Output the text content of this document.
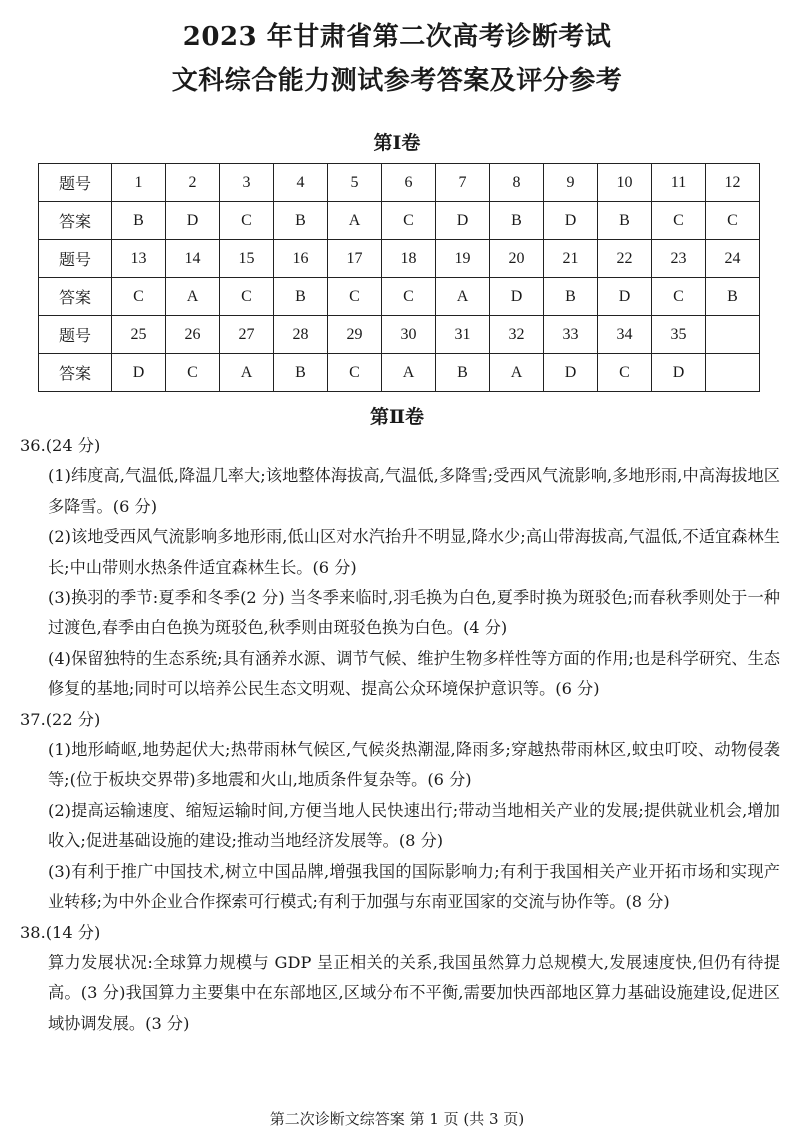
2023 年甘肃省第二次高考诊断考试
文科综合能力测试参考答案及评分参考
第Ⅰ卷
题号	1	2	3	4	5	6	7	8	9	10	11	12
答案	B	D	C	B	A	C	D	B	D	B	C	C
题号	13	14	15	16	17	18	19	20	21	22	23	24
答案	C	A	C	B	C	C	A	D	B	D	C	B
题号	25	26	27	28	29	30	31	32	33	34	35	
答案	D	C	A	B	C	A	B	A	D	C	D	
第Ⅱ卷

36.(24 分)

(1)纬度高,气温低,降温几率大;该地整体海拔高,气温低,多降雪;受西风气流影响,多地形雨,中高海拔地区多降雪。(6 分)

(2)该地受西风气流影响多地形雨,低山区对水汽抬升不明显,降水少;高山带海拔高,气温低,不适宜森林生长;中山带则水热条件适宜森林生长。(6 分)

(3)换羽的季节:夏季和冬季(2 分) 当冬季来临时,羽毛换为白色,夏季时换为斑驳色;而春秋季则处于一种过渡色,春季由白色换为斑驳色,秋季则由斑驳色换为白色。(4 分)

(4)保留独特的生态系统;具有涵养水源、调节气候、维护生物多样性等方面的作用;也是科学研究、生态修复的基地;同时可以培养公民生态文明观、提高公众环境保护意识等。(6 分)

37.(22 分)

(1)地形崎岖,地势起伏大;热带雨林气候区,气候炎热潮湿,降雨多;穿越热带雨林区,蚊虫叮咬、动物侵袭等;(位于板块交界带)多地震和火山,地质条件复杂等。(6 分)

(2)提高运输速度、缩短运输时间,方便当地人民快速出行;带动当地相关产业的发展;提供就业机会,增加收入;促进基础设施的建设;推动当地经济发展等。(8 分)

(3)有利于推广中国技术,树立中国品牌,增强我国的国际影响力;有利于我国相关产业开拓市场和实现产业转移;为中外企业合作探索可行模式;有利于加强与东南亚国家的交流与协作等。(8 分)

38.(14 分)

算力发展状况:全球算力规模与 GDP 呈正相关的关系,我国虽然算力总规模大,发展速度快,但仍有待提高。(3 分)我国算力主要集中在东部地区,区域分布不平衡,需要加快西部地区算力基础设施建设,促进区域协调发展。(3 分)

第二次诊断文综答案 第 1 页 (共 3 页)
